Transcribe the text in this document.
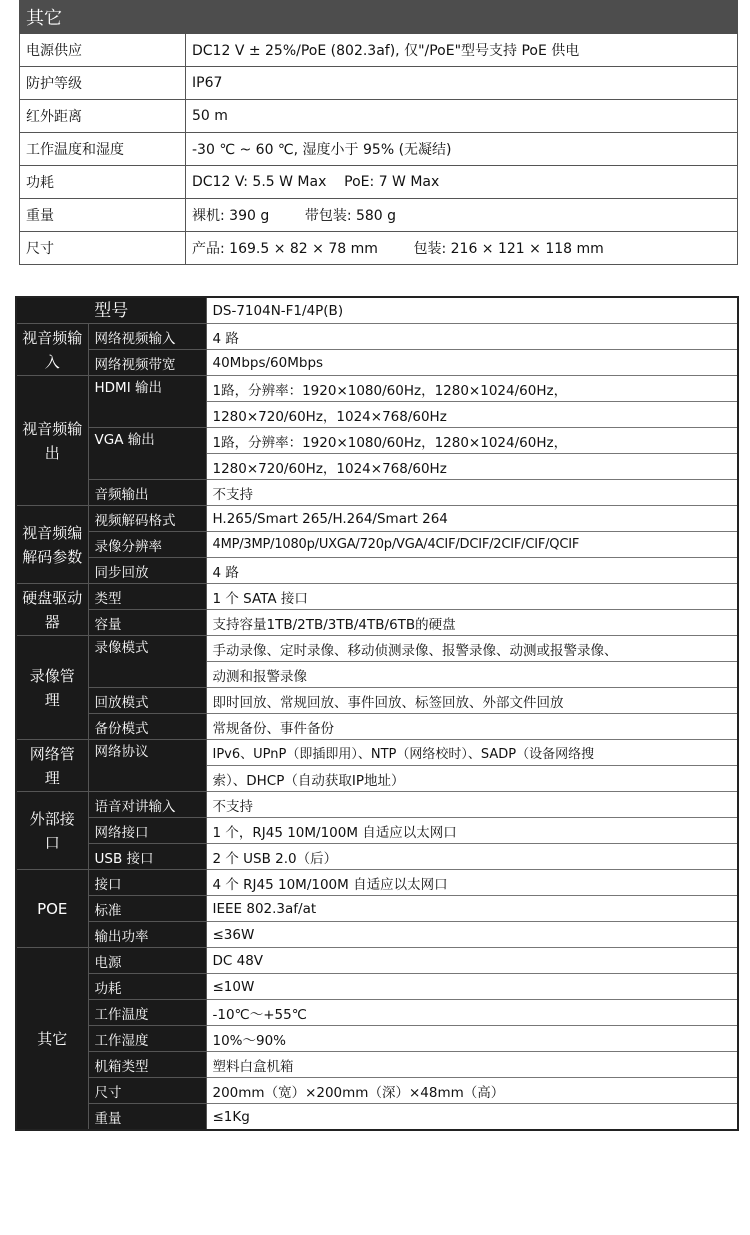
其它	
电源供应	DC12 V ± 25%/PoE (802.3af), 仅"/PoE"型号支持 PoE 供电
防护等级	IP67
红外距离	50 m
工作温度和湿度	-30 ℃ ~ 60 ℃, 湿度小于 95% (无凝结)
功耗	DC12 V: 5.5 W Max    PoE: 7 W Max
重量	裸机: 390 g        带包装: 580 g
尺寸	产品: 169.5 × 82 × 78 mm        包装: 216 × 121 × 118 mm
型号		DS-7104N-F1/4P(B)
视音频输入	网络视频输入	4 路
	网络视频带宽	40Mbps/60Mbps
视音频输出	HDMI 输出	1路，分辨率：1920×1080/60Hz，1280×1024/60Hz，
		1280×720/60Hz，1024×768/60Hz
	VGA 输出	1路，分辨率：1920×1080/60Hz，1280×1024/60Hz，
		1280×720/60Hz，1024×768/60Hz
	音频输出	不支持
视音频编解码参数	视频解码格式	H.265/Smart 265/H.264/Smart 264
	录像分辨率	4MP/3MP/1080p/UXGA/720p/VGA/4CIF/DCIF/2CIF/CIF/QCIF
	同步回放	4 路
硬盘驱动器	类型	1 个 SATA 接口
	容量	支持容量1TB/2TB/3TB/4TB/6TB的硬盘
录像管理	录像模式	手动录像、定时录像、移动侦测录像、报警录像、动测或报警录像、
		动测和报警录像
	回放模式	即时回放、常规回放、事件回放、标签回放、外部文件回放
	备份模式	常规备份、事件备份
网络管理	网络协议	IPv6、UPnP（即插即用）、NTP（网络校时）、SADP（设备网络搜
		索）、DHCP（自动获取IP地址）
外部接口	语音对讲输入	不支持
	网络接口	1 个，RJ45 10M/100M 自适应以太网口
	USB 接口	2 个 USB 2.0（后）
POE	接口	4 个 RJ45 10M/100M 自适应以太网口
	标准	IEEE 802.3af/at
	输出功率	≤36W
其它	电源	DC 48V
	功耗	≤10W
	工作温度	-10℃～+55℃
	工作湿度	10%～90%
	机箱类型	塑料白盒机箱
	尺寸	200mm（宽）×200mm（深）×48mm（高）
	重量	≤1Kg
